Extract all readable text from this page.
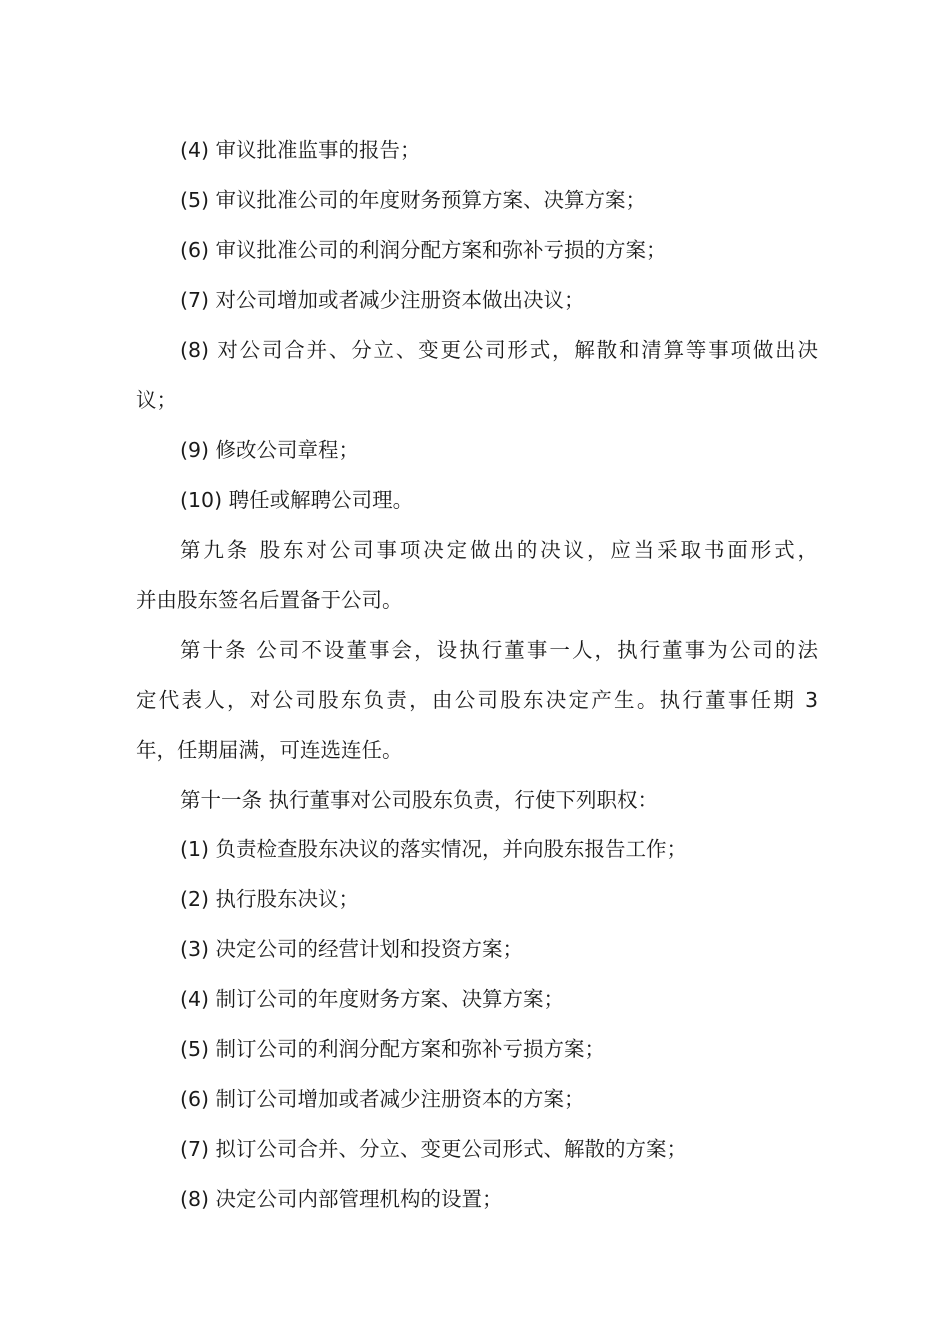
(4) 审议批准监事的报告；

(5) 审议批准公司的年度财务预算方案、决算方案；

(6) 审议批准公司的利润分配方案和弥补亏损的方案；

(7) 对公司增加或者减少注册资本做出决议；

(8) 对公司合并、分立、变更公司形式，解散和清算等事项做出决

议；

(9) 修改公司章程；

(10) 聘任或解聘公司理。

第九条 股东对公司事项决定做出的决议，应当采取书面形式，

并由股东签名后置备于公司。

第十条 公司不设董事会，设执行董事一人，执行董事为公司的法

定代表人，对公司股东负责，由公司股东决定产生。执行董事任期 3

年，任期届满，可连选连任。

第十一条 执行董事对公司股东负责，行使下列职权：

(1) 负责检查股东决议的落实情况，并向股东报告工作；

(2) 执行股东决议；

(3) 决定公司的经营计划和投资方案；

(4) 制订公司的年度财务方案、决算方案；

(5) 制订公司的利润分配方案和弥补亏损方案；

(6) 制订公司增加或者减少注册资本的方案；

(7) 拟订公司合并、分立、变更公司形式、解散的方案；

(8) 决定公司内部管理机构的设置；
